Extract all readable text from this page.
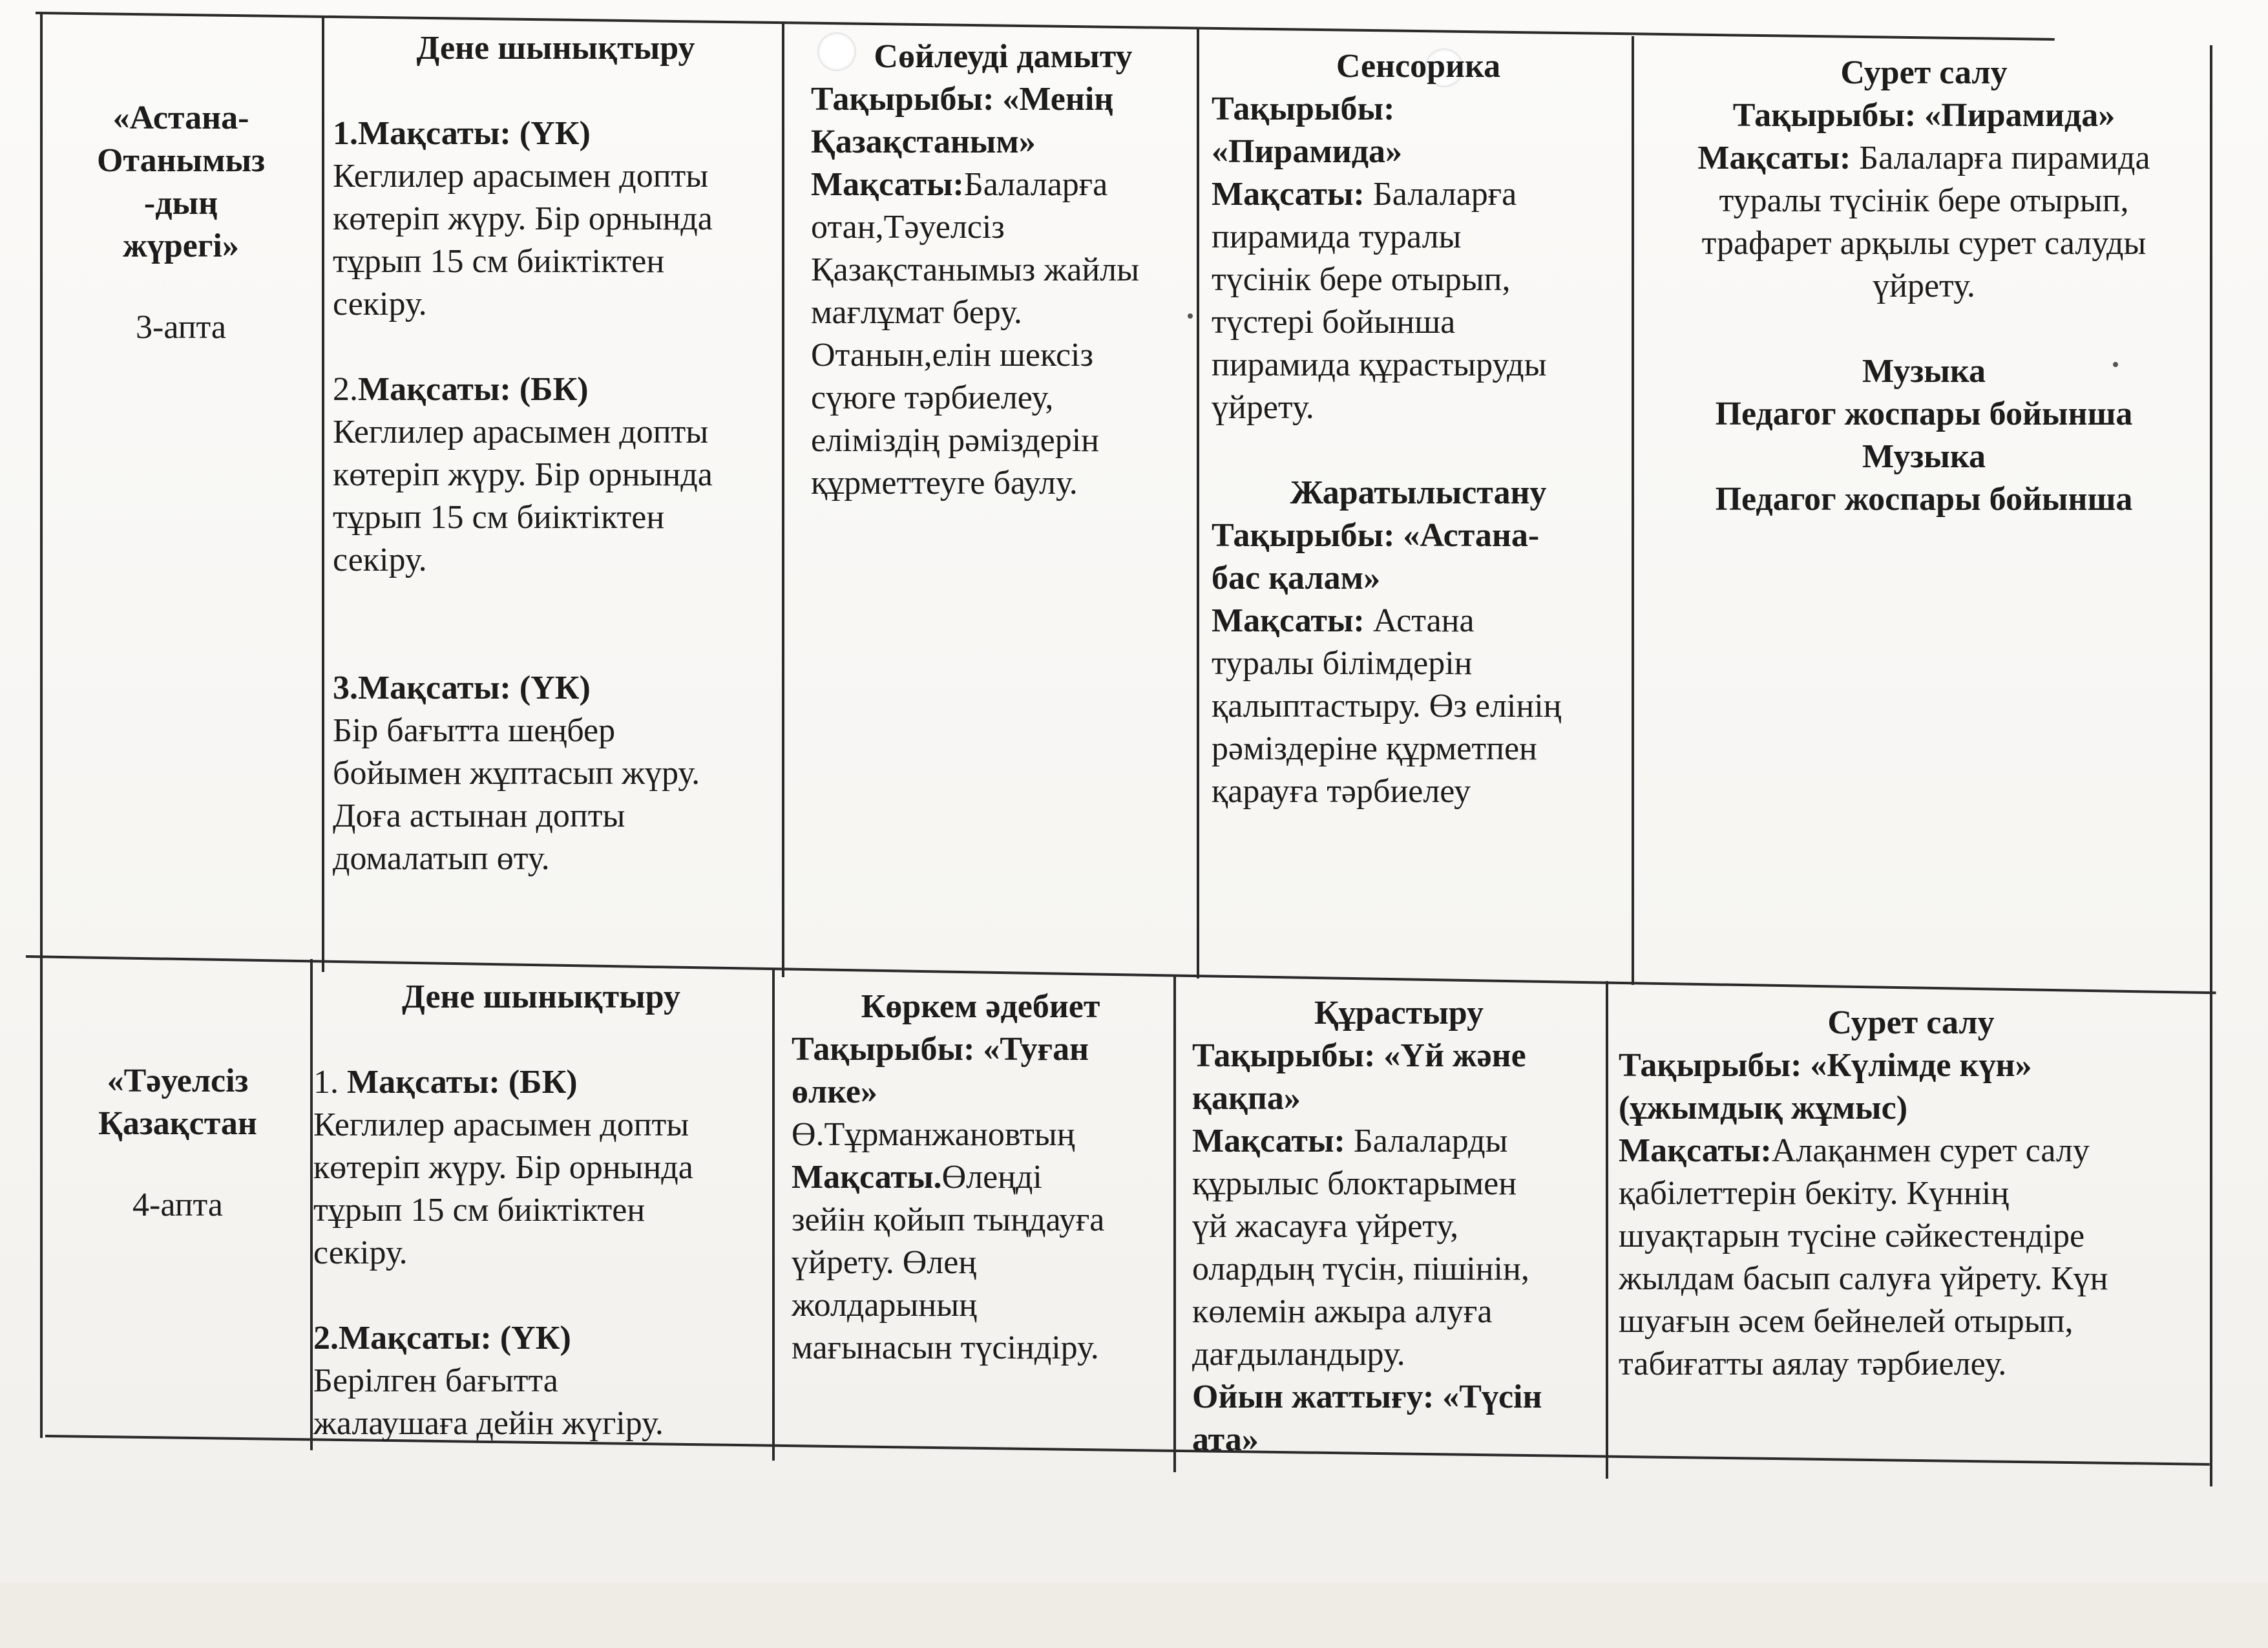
«Астана-

Отанымыз

-дың

жүрегі»

3-апта

Дене шынықтыру

1.Мақсаты: (ҮК)

Кеглилер арасымен допты

көтеріп жүру. Бір орнында

тұрып 15 см биіктіктен

секіру.

2.Мақсаты: (БК)

Кеглилер арасымен допты

көтеріп жүру. Бір орнында

тұрып 15 см биіктіктен

секіру.

3.Мақсаты: (ҮК)

Бір бағытта шеңбер

бойымен жұптасып жүру.

Доға астынан допты

домалатып өту.

Сөйлеуді дамыту

Тақырыбы: «Менің

Қазақстаным»

Мақсаты:Балаларға

отан,Тәуелсіз

Қазақстанымыз жайлы

мағлұмат беру.

Отанын,елін шексіз

сүюге тәрбиелеу,

еліміздің рәміздерін

құрметтеуге баулу.

Сенсорика

Тақырыбы:

«Пирамида»

Мақсаты: Балаларға

пирамида туралы

түсінік бере отырып,

түстері бойынша

пирамида құрастыруды

үйрету.

Жаратылыстану

Тақырыбы: «Астана-

бас қалам»

Мақсаты: Астана

туралы білімдерін

қалыптастыру. Өз елінің

рәміздеріне құрметпен

қарауға тәрбиелеу

Сурет салу

Тақырыбы: «Пирамида»

Мақсаты: Балаларға пирамида

туралы түсінік бере отырып,

трафарет арқылы сурет салуды

үйрету.

Музыка

Педагог жоспары бойынша

Музыка

Педагог жоспары бойынша

«Тәуелсіз

Қазақстан

4-апта

Дене шынықтыру

1. Мақсаты: (БК)

Кеглилер арасымен допты

көтеріп жүру. Бір орнында

тұрып 15 см биіктіктен

секіру.

2.Мақсаты: (ҮК)

Берілген бағытта

жалаушаға дейін жүгіру.

Көркем әдебиет

Тақырыбы: «Туған

өлке»

Ө.Тұрманжановтың

Мақсаты.Өлеңді

зейін қойып тыңдауға

үйрету. Өлең

жолдарының

мағынасын түсіндіру.

Құрастыру

Тақырыбы: «Үй және

қақпа»

Мақсаты: Балаларды

құрылыс блоктарымен

үй жасауға үйрету,

олардың түсін, пішінін,

көлемін ажыра алуға

дағдыландыру.

Ойын жаттығу: «Түсін

ата»

Сурет салу

Тақырыбы: «Күлімде күн»

(ұжымдық жұмыс)

Мақсаты:Алақанмен сурет салу

қабілеттерін бекіту. Күннің

шуақтарын түсіне сәйкестендіре

жылдам басып салуға үйрету. Күн

шуағын әсем бейнелей отырып,

табиғатты аялау тәрбиелеу.
